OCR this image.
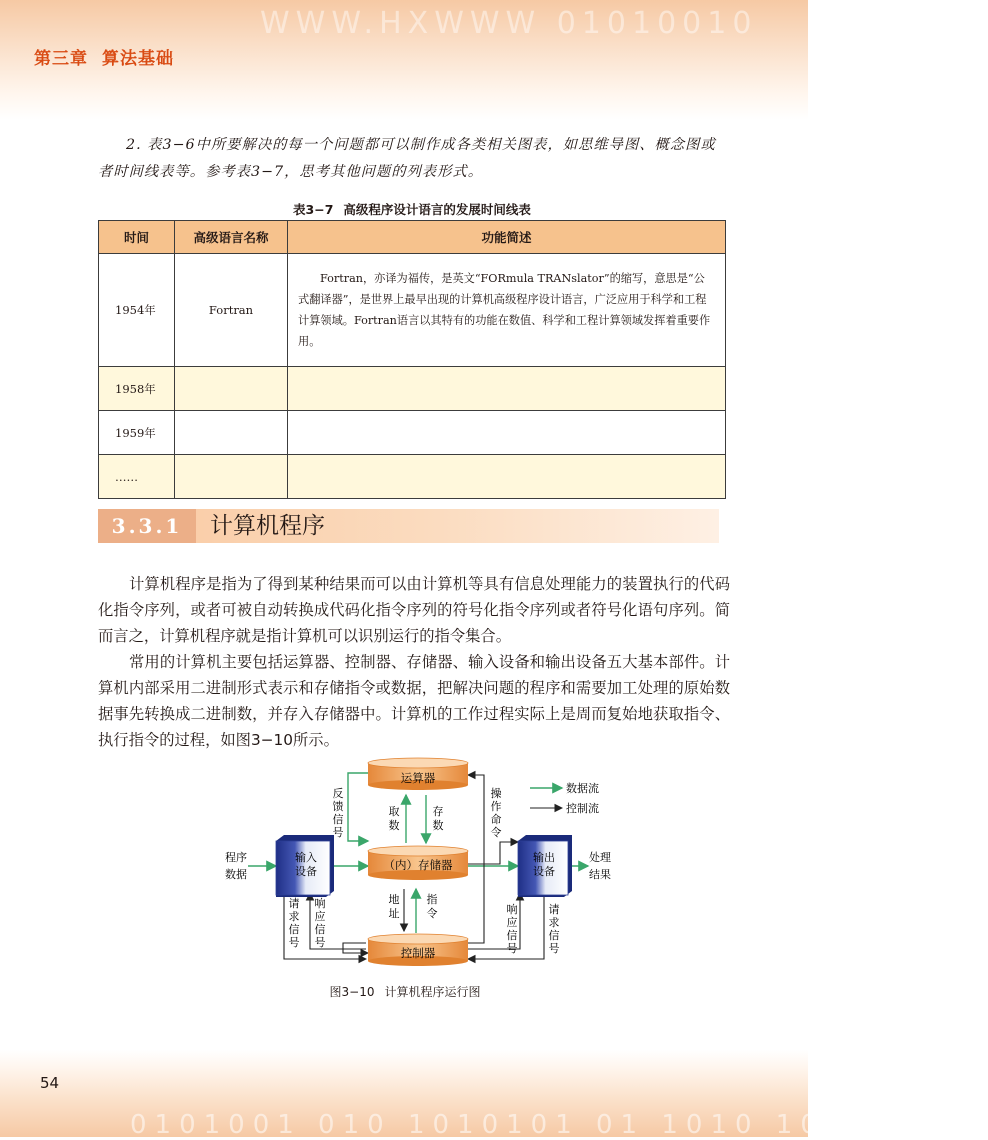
WWW.HXWWW 01010010
第三章 算法基础
2. 表3−6中所要解决的每一个问题都可以制作成各类相关图表，如思维导图、概念图或者时间线表等。参考表3−7，思考其他问题的列表形式。
表3−7 高级程序设计语言的发展时间线表
时间	高级语言名称	功能简述
1954年	Fortran	Fortran，亦译为福传，是英文“FORmula TRANslator”的缩写，意思是“公式翻译器”，是世界上最早出现的计算机高级程序设计语言，广泛应用于科学和工程计算领域。Fortran语言以其特有的功能在数值、科学和工程计算领域发挥着重要作用。
1958年		
1959年		
……		
3.3.1	计算机程序
计算机程序是指为了得到某种结果而可以由计算机等具有信息处理能力的装置执行的代码化指令序列，或者可被自动转换成代码化指令序列的符号化指令序列或者符号化语句序列。简而言之，计算机程序就是指计算机可以识别运行的指令集合。
常用的计算机主要包括运算器、控制器、存储器、输入设备和输出设备五大基本部件。计算机内部采用二进制形式表示和存储指令或数据，把解决问题的程序和需要加工处理的原始数据事先转换成二进制数，并存入存储器中。计算机的工作过程实际上是周而复始地获取指令、执行指令的过程，如图3−10所示。
运算器
（内）存储器
控制器
输入
设备
输出
设备
程序
数据
处理
结果
反
馈
信
号
取
数
存
数
操
作
命
令
地
址
指
令
请
求
信
号
响
应
信
号
响
应
信
号
请
求
信
号
数据流
控制流
图3−10 计算机程序运行图
0101001 010 1010101 01 1010 10101 100
54
